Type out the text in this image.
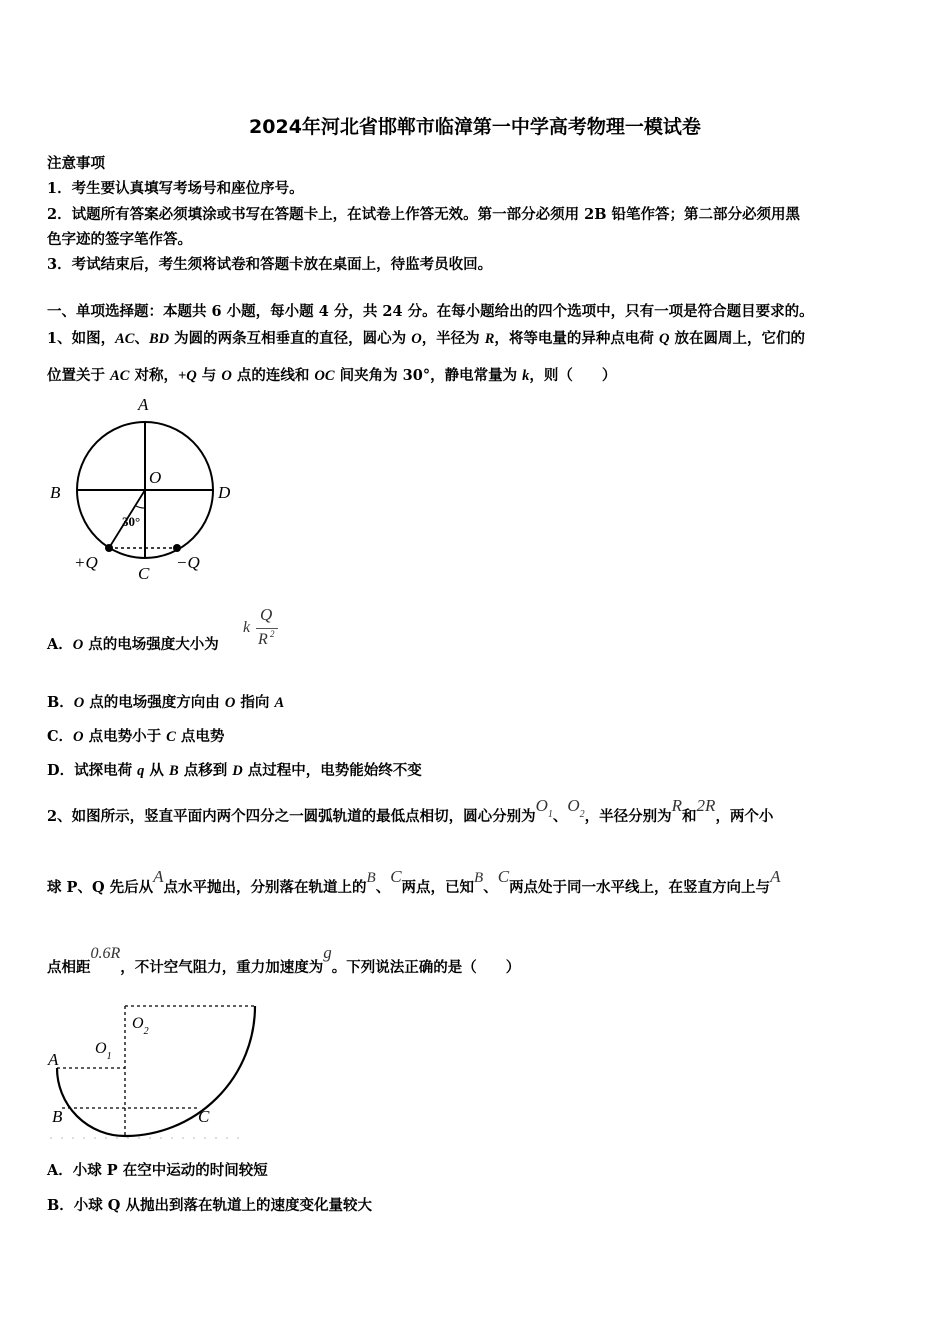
2024年河北省邯郸市临漳第一中学高考物理一模试卷
注意事项
1．考生要认真填写考场号和座位序号。
2．试题所有答案必须填涂或书写在答题卡上，在试卷上作答无效。第一部分必须用 2B 铅笔作答；第二部分必须用黑
色字迹的签字笔作答。
3．考试结束后，考生须将试卷和答题卡放在桌面上，待监考员收回。
一、单项选择题：本题共 6 小题，每小题 4 分，共 24 分。在每小题给出的四个选项中，只有一项是符合题目要求的。
1、如图，AC、BD 为圆的两条互相垂直的直径，圆心为 O，半径为 R，将等电量的异种点电荷 Q 放在圆周上，它们的
位置关于 AC 对称，+Q 与 O 点的连线和 OC 间夹角为 30°，静电常量为 k，则（　　）
A
B	D
O
30°
+Q
C
−Q
A．O 点的电场强度大小为
k
Q
R 2
B．O 点的电场强度方向由 O 指向 A
C．O 点电势小于 C 点电势
D．试探电荷 q 从 B 点移到 D 点过程中，电势能始终不变
2、如图所示，竖直平面内两个四分之一圆弧轨道的最低点相切，圆心分别为$O_1$、$O_2$，半径分别为R和2R，两个小
球 P、Q 先后从A点水平抛出，分别落在轨道上的B、C两点，已知B、C两点处于同一水平线上，在竖直方向上与A
点相距0.6R，不计空气阻力，重力加速度为g。下列说法正确的是（　　）
A
B	C
$O_1$
$O_2$
A．小球 P 在空中运动的时间较短
B．小球 Q 从抛出到落在轨道上的速度变化量较大
